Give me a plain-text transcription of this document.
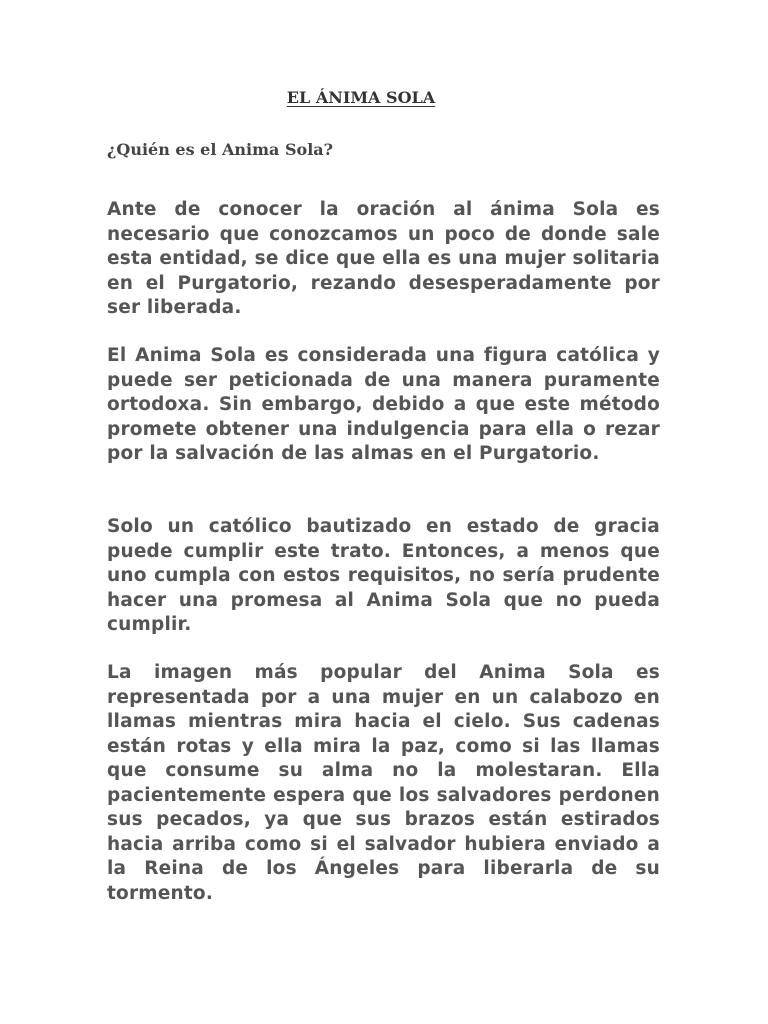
EL ÁNIMA SOLA
¿Quién es el Anima Sola?

Ante de conocer la oración al ánima Sola es necesario que conozcamos un poco de donde sale esta entidad, se dice que ella es una mujer solitaria en el Purgatorio, rezando desesperadamente por ser liberada.

El Anima Sola es considerada una figura católica y puede ser peticionada de una manera puramente ortodoxa. Sin embargo, debido a que este método promete obtener una indulgencia para ella o rezar por la salvación de las almas en el Purgatorio.

Solo un católico bautizado en estado de gracia puede cumplir este trato. Entonces, a menos que uno cumpla con estos requisitos, no sería prudente hacer una promesa al Anima Sola que no pueda cumplir.

La imagen más popular del Anima Sola es representada por a una mujer en un calabozo en llamas mientras mira hacia el cielo. Sus cadenas están rotas y ella mira la paz, como si las llamas que consume su alma no la molestaran. Ella pacientemente espera que los salvadores perdonen sus pecados, ya que sus brazos están estirados hacia arriba como si el salvador hubiera enviado a la Reina de los Ángeles para liberarla de su tormento.
